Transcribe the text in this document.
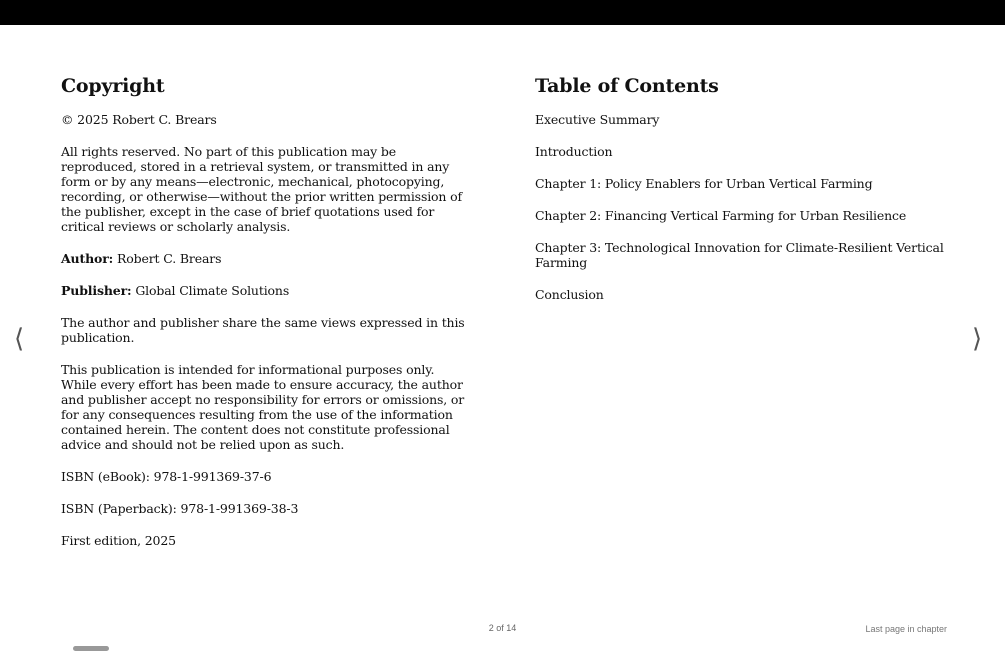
Copyright

© 2025 Robert C. Brears

All rights reserved. No part of this publication may be reproduced, stored in a retrieval system, or transmitted in any form or by any means—electronic, mechanical, photocopying, recording, or otherwise—without the prior written permission of the publisher, except in the case of brief quotations used for critical reviews or scholarly analysis.

Author: Robert C. Brears

Publisher: Global Climate Solutions

The author and publisher share the same views expressed in this publication.

This publication is intended for informational purposes only. While every effort has been made to ensure accuracy, the author and publisher accept no responsibility for errors or omissions, or for any consequences resulting from the use of the information contained herein. The content does not constitute professional advice and should not be relied upon as such.

ISBN (eBook): 978-1-991369-37-6

ISBN (Paperback): 978-1-991369-38-3

First edition, 2025

Table of Contents

Executive Summary

Introduction

Chapter 1: Policy Enablers for Urban Vertical Farming

Chapter 2: Financing Vertical Farming for Urban Resilience

Chapter 3: Technological Innovation for Climate-Resilient Vertical Farming

Conclusion

⟨	⟩
2 of 14	Last page in chapter
